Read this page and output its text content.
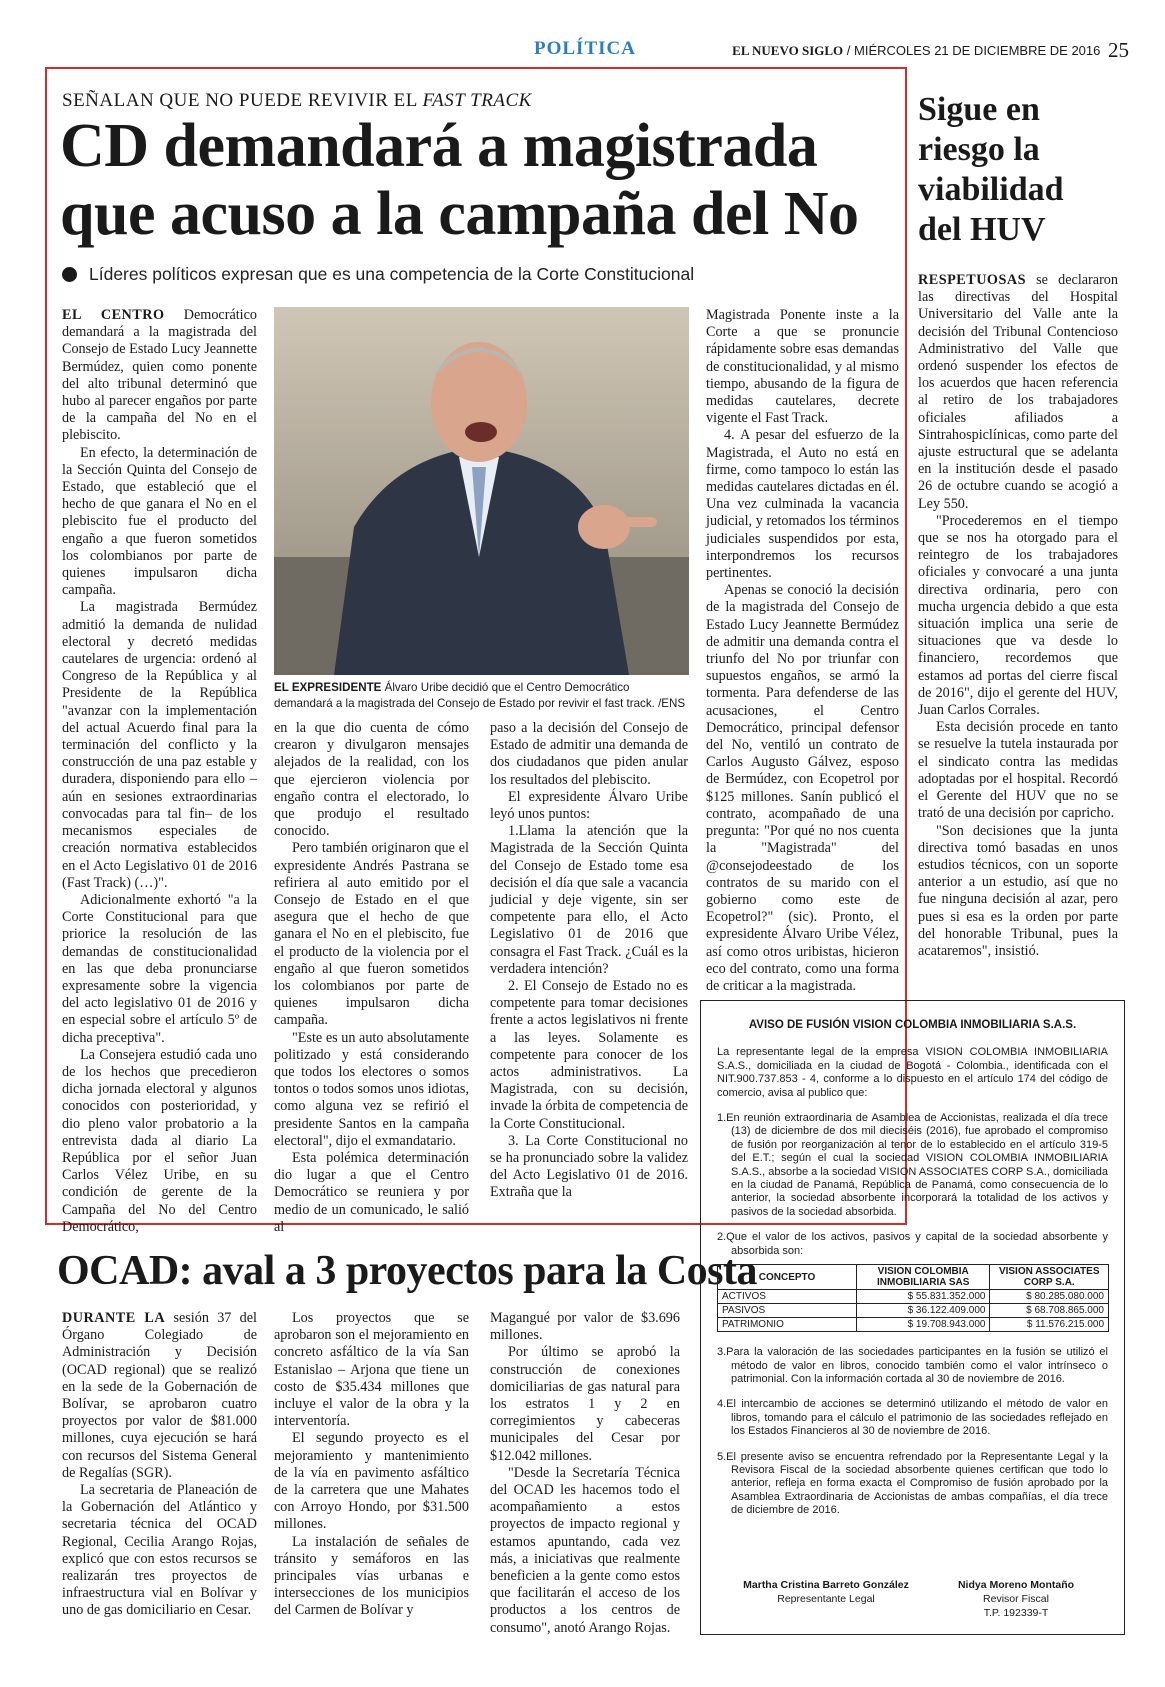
POLÍTICA	EL NUEVO SIGLO / MIÉRCOLES 21 DE DICIEMBRE DE 2016 25
SEÑALAN QUE NO PUEDE REVIVIR EL FAST TRACK
CD demandará a magistrada
que acuso a la campaña del No
Líderes políticos expresan que es una competencia de la Corte Constitucional

EL CENTRO Democrático demandará a la magistrada del Consejo de Estado Lucy Jeannette Bermúdez, quien como ponente del alto tribunal determinó que hubo al parecer engaños por parte de la campaña del No en el plebiscito.

En efecto, la determinación de la Sección Quinta del Consejo de Estado, que estableció que el hecho de que ganara el No en el plebiscito fue el producto del engaño a que fueron sometidos los colombianos por parte de quienes impulsaron dicha campaña.

La magistrada Bermúdez admitió la demanda de nulidad electoral y decretó medidas cautelares de urgencia: ordenó al Congreso de la República y al Presidente de la República "avanzar con la implementación del actual Acuerdo final para la terminación del conflicto y la construcción de una paz estable y duradera, disponiendo para ello –aún en sesiones extraordinarias convocadas para tal fin– de los mecanismos especiales de creación normativa establecidos en el Acto Legislativo 01 de 2016 (Fast Track) (…)".

Adicionalmente exhortó "a la Corte Constitucional para que priorice la resolución de las demandas de constitucionalidad en las que deba pronunciarse expresamente sobre la vigencia del acto legislativo 01 de 2016 y en especial sobre el artículo 5º de dicha preceptiva".

La Consejera estudió cada uno de los hechos que precedieron dicha jornada electoral y algunos conocidos con posterioridad, y dio pleno valor probatorio a la entrevista dada al diario La República por el señor Juan Carlos Vélez Uribe, en su condición de gerente de la Campaña del No del Centro Democrático,

en la que dio cuenta de cómo crearon y divulgaron mensajes alejados de la realidad, con los que ejercieron violencia por engaño contra el electorado, lo que produjo el resultado conocido.

Pero también originaron que el expresidente Andrés Pastrana se refiriera al auto emitido por el Consejo de Estado en el que asegura que el hecho de que ganara el No en el plebiscito, fue el producto de la violencia por el engaño al que fueron sometidos los colombianos por parte de quienes impulsaron dicha campaña.

"Este es un auto absolutamente politizado y está considerando que todos los electores o somos tontos o todos somos unos idiotas, como alguna vez se refirió el presidente Santos en la campaña electoral", dijo el exmandatario.

Esta polémica determinación dio lugar a que el Centro Democrático se reuniera y por medio de un comunicado, le salió al

paso a la decisión del Consejo de Estado de admitir una demanda de dos ciudadanos que piden anular los resultados del plebiscito.

El expresidente Álvaro Uribe leyó unos puntos:

1.Llama la atención que la Magistrada de la Sección Quinta del Consejo de Estado tome esa decisión el día que sale a vacancia judicial y deje vigente, sin ser competente para ello, el Acto Legislativo 01 de 2016 que consagra el Fast Track. ¿Cuál es la verdadera intención?

2. El Consejo de Estado no es competente para tomar decisiones frente a actos legislativos ni frente a las leyes. Solamente es competente para conocer de los actos administrativos. La Magistrada, con su decisión, invade la órbita de competencia de la Corte Constitucional.

3. La Corte Constitucional no se ha pronunciado sobre la validez del Acto Legislativo 01 de 2016. Extraña que la

Magistrada Ponente inste a la Corte a que se pronuncie rápidamente sobre esas demandas de constitucionalidad, y al mismo tiempo, abusando de la figura de medidas cautelares, decrete vigente el Fast Track.

4. A pesar del esfuerzo de la Magistrada, el Auto no está en firme, como tampoco lo están las medidas cautelares dictadas en él. Una vez culminada la vacancia judicial, y retomados los términos judiciales suspendidos por esta, interpondremos los recursos pertinentes.

Apenas se conoció la decisión de la magistrada del Consejo de Estado Lucy Jeannette Bermúdez de admitir una demanda contra el triunfo del No por triunfar con supuestos engaños, se armó la tormenta. Para defenderse de las acusaciones, el Centro Democrático, principal defensor del No, ventiló un contrato de Carlos Augusto Gálvez, esposo de Bermúdez, con Ecopetrol por $125 millones. Sanín publicó el contrato, acompañado de una pregunta: "Por qué no nos cuenta la "Magistrada" del @consejodeestado de los contratos de su marido con el gobierno como este de Ecopetrol?" (sic). Pronto, el expresidente Álvaro Uribe Vélez, así como otros uribistas, hicieron eco del contrato, como una forma de criticar a la magistrada.

EL EXPRESIDENTE Álvaro Uribe decidió que el Centro Democrático demandará a la magistrada del Consejo de Estado por revivir el fast track. /ENS
Sigue en
riesgo la
viabilidad
del HUV

RESPETUOSAS se declararon las directivas del Hospital Universitario del Valle ante la decisión del Tribunal Contencioso Administrativo del Valle que ordenó suspender los efectos de los acuerdos que hacen referencia al retiro de los trabajadores oficiales afiliados a Sintrahospiclínicas, como parte del ajuste estructural que se adelanta en la institución desde el pasado 26 de octubre cuando se acogió a Ley 550.

"Procederemos en el tiempo que se nos ha otorgado para el reintegro de los trabajadores oficiales y convocaré a una junta directiva ordinaria, pero con mucha urgencia debido a que esta situación implica una serie de situaciones que va desde lo financiero, recordemos que estamos ad portas del cierre fiscal de 2016", dijo el gerente del HUV, Juan Carlos Corrales.

Esta decisión procede en tanto se resuelve la tutela instaurada por el sindicato contra las medidas adoptadas por el hospital. Recordó el Gerente del HUV que no se trató de una decisión por capricho.

"Son decisiones que la junta directiva tomó basadas en unos estudios técnicos, con un soporte anterior a un estudio, así que no fue ninguna decisión al azar, pero pues si esa es la orden por parte del honorable Tribunal, pues la acataremos", insistió.

OCAD: aval a 3 proyectos para la Costa

DURANTE LA sesión 37 del Órgano Colegiado de Administración y Decisión (OCAD regional) que se realizó en la sede de la Gobernación de Bolívar, se aprobaron cuatro proyectos por valor de $81.000 millones, cuya ejecución se hará con recursos del Sistema General de Regalías (SGR).

La secretaria de Planeación de la Gobernación del Atlántico y secretaria técnica del OCAD Regional, Cecilia Arango Rojas, explicó que con estos recursos se realizarán tres proyectos de infraestructura vial en Bolívar y uno de gas domiciliario en Cesar.

Los proyectos que se aprobaron son el mejoramiento en concreto asfáltico de la vía San Estanislao – Arjona que tiene un costo de $35.434 millones que incluye el valor de la obra y la interventoría.

El segundo proyecto es el mejoramiento y mantenimiento de la vía en pavimento asfáltico de la carretera que une Mahates con Arroyo Hondo, por $31.500 millones.

La instalación de señales de tránsito y semáforos en las principales vías urbanas e intersecciones de los municipios del Carmen de Bolívar y

Magangué por valor de $3.696 millones.

Por último se aprobó la construcción de conexiones domiciliarias de gas natural para los estratos 1 y 2 en corregimientos y cabeceras municipales del Cesar por $12.042 millones.

"Desde la Secretaría Técnica del OCAD les hacemos todo el acompañamiento a estos proyectos de impacto regional y estamos apuntando, cada vez más, a iniciativas que realmente beneficien a la gente como estos que facilitarán el acceso de los productos a los centros de consumo", anotó Arango Rojas.

AVISO DE FUSIÓN VISION COLOMBIA INMOBILIARIA S.A.S.

La representante legal de la empresa VISION COLOMBIA INMOBILIARIA S.A.S., domiciliada en la ciudad de Bogotá - Colombia., identificada con el NIT.900.737.853 - 4, conforme a lo dispuesto en el artículo 174 del código de comercio, avisa al publico que:

1.En reunión extraordinaria de Asamblea de Accionistas, realizada el día trece (13) de diciembre de dos mil dieciséis (2016), fue aprobado el compromiso de fusión por reorganización al tenor de lo establecido en el artículo 319-5 del E.T.; según el cual la sociedad VISION COLOMBIA INMOBILIARIA S.A.S., absorbe a la sociedad VISION ASSOCIATES CORP S.A., domiciliada en la ciudad de Panamá, República de Panamá, como consecuencia de lo anterior, la sociedad absorbente incorporará la totalidad de los activos y pasivos de la sociedad absorbida.

2.Que el valor de los activos, pasivos y capital de la sociedad absorbente y absorbida son:

CONCEPTO	VISION COLOMBIA INMOBILIARIA SAS	VISION ASSOCIATES CORP S.A.
ACTIVOS	$ 55.831.352.000	$ 80.285.080.000
PASIVOS	$ 36.122.409.000	$ 68.708.865.000
PATRIMONIO	$ 19.708.943.000	$ 11.576.215.000

3.Para la valoración de las sociedades participantes en la fusión se utilizó el método de valor en libros, conocido también como el valor intrínseco o patrimonial. Con la información cortada al 30 de noviembre de 2016.

4.El intercambio de acciones se determinó utilizando el método de valor en libros, tomando para el cálculo el patrimonio de las sociedades reflejado en los Estados Financieros al 30 de noviembre de 2016.

5.El presente aviso se encuentra refrendado por la Representante Legal y la Revisora Fiscal de la sociedad absorbente quienes certifican que todo lo anterior, refleja en forma exacta el Compromiso de fusión aprobado por la Asamblea Extraordinaria de Accionistas de ambas compañías, el día trece de diciembre de 2016.

Martha Cristina Barreto González
Representante Legal
Nidya Moreno Montaño
Revisor Fiscal
T.P. 192339-T
